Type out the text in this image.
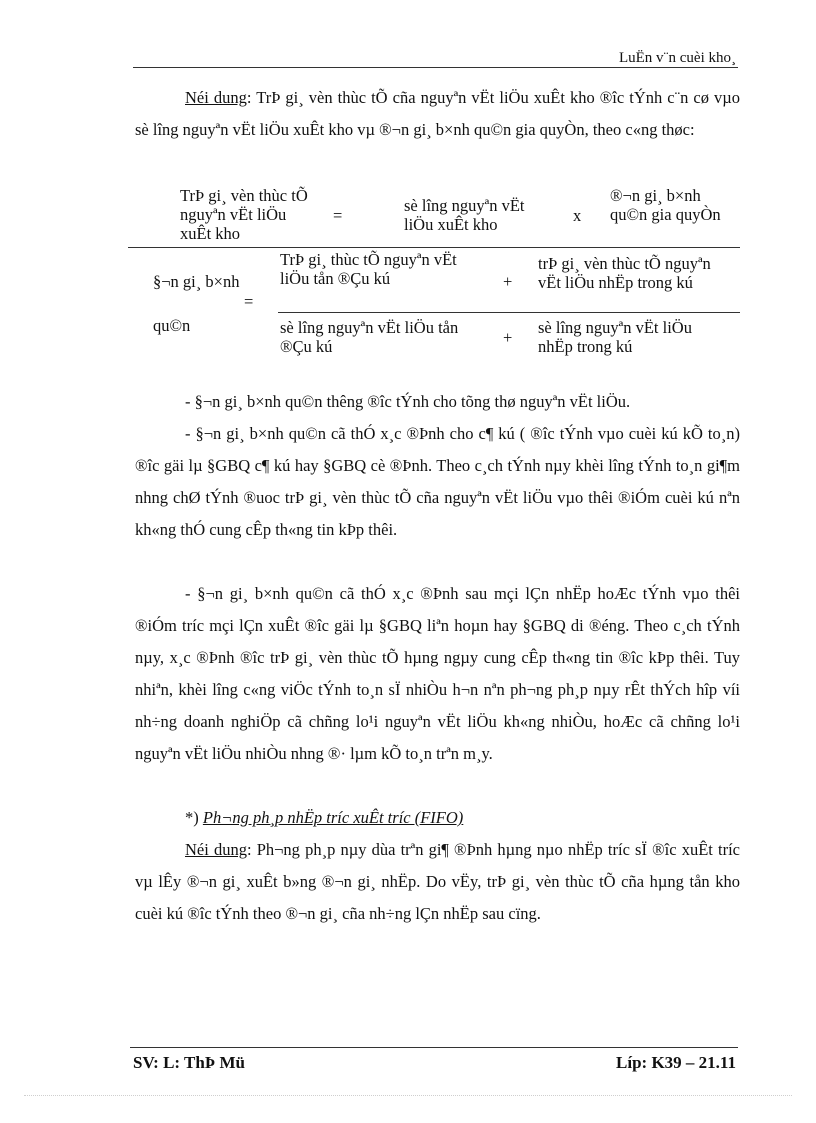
LuËn v¨n cuèi kho¸
Néi dung: TrÞ gi¸ vèn thùc tÕ cña nguyªn vËt liÖu xuÊt kho ®îc tÝnh c¨n cø vµo sè lîng nguyªn vËt liÖu xuÊt kho vµ ®¬n gi¸ b×nh qu©n gia quyÒn, theo c«ng thøc:
TrÞ gi¸ vèn thùc tÕ nguyªn vËt liÖu xuÊt kho
=
sè lîng nguyªn vËt liÖu xuÊt kho	x
®¬n gi¸ b×nh qu©n gia quyÒn
§¬n gi¸ b×nh
qu©n
=
TrÞ gi¸ thùc tÕ nguyªn vËt liÖu tån ®Çu kú	+
trÞ gi¸ vèn thùc tÕ nguyªn vËt liÖu nhËp trong kú
sè lîng nguyªn vËt liÖu tån ®Çu kú	+
sè lîng nguyªn vËt liÖu nhËp trong kú
- §¬n gi¸ b×nh qu©n thêng ®îc tÝnh cho tõng thø nguyªn vËt liÖu.
- §¬n gi¸ b×nh qu©n cã thÓ x¸c ®Þnh cho c¶ kú ( ®îc tÝnh vµo cuèi kú kÕ to¸n) ®îc gäi lµ §GBQ c¶ kú hay §GBQ cè ®Þnh. Theo c¸ch tÝnh nµy khèi lîng tÝnh to¸n gi¶m nhng chØ tÝnh ®uoc trÞ gi¸ vèn thùc tÕ cña nguyªn vËt liÖu vµo thêi ®iÓm cuèi kú nªn kh«ng thÓ cung cÊp th«ng tin kÞp thêi.
- §¬n gi¸ b×nh qu©n cã thÓ x¸c ®Þnh sau mçi lÇn nhËp hoÆc tÝnh vµo thêi ®iÓm tríc mçi lÇn xuÊt ®îc gäi lµ §GBQ liªn hoµn hay §GBQ di ®éng. Theo c¸ch tÝnh nµy, x¸c ®Þnh ®îc trÞ gi¸ vèn thùc tÕ hµng ngµy cung cÊp th«ng tin ®îc kÞp thêi. Tuy nhiªn, khèi lîng c«ng viÖc tÝnh to¸n sÏ nhiÒu h¬n nªn ph¬ng ph¸p nµy rÊt thÝch hîp víi nh÷ng doanh nghiÖp cã chñng lo¹i nguyªn vËt liÖu kh«ng nhiÒu, hoÆc cã chñng lo¹i nguyªn vËt liÖu nhiÒu nhng ®· lµm kÕ to¸n trªn m¸y.
*) Ph¬ng ph¸p nhËp tríc xuÊt tríc (FIFO)
Néi dung: Ph¬ng ph¸p nµy dùa trªn gi¶ ®Þnh hµng nµo nhËp tríc sÏ ®îc xuÊt tríc vµ lÊy ®¬n gi¸ xuÊt b»ng ®¬n gi¸ nhËp. Do vËy, trÞ gi¸ vèn thùc tÕ cña hµng tån kho cuèi kú ®îc tÝnh theo ®¬n gi¸ cña nh÷ng lÇn nhËp sau cïng.
SV: L: ThÞ Mü	Líp: K39 – 21.11
